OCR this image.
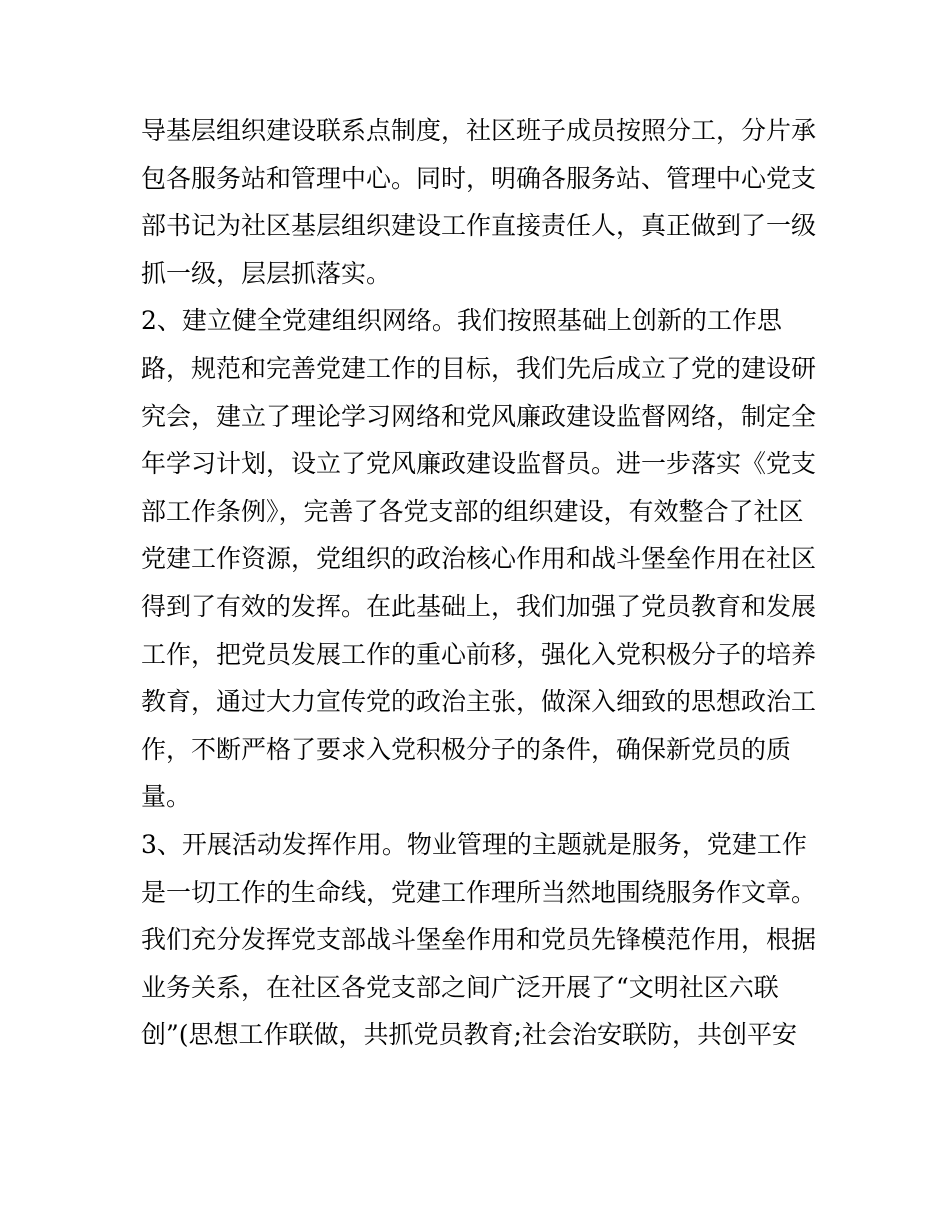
导基层组织建设联系点制度，社区班子成员按照分工，分片承
包各服务站和管理中心。同时，明确各服务站、管理中心党支
部书记为社区基层组织建设工作直接责任人，真正做到了一级
抓一级，层层抓落实。
2、建立健全党建组织网络。我们按照基础上创新的工作思
路，规范和完善党建工作的目标，我们先后成立了党的建设研
究会，建立了理论学习网络和党风廉政建设监督网络，制定全
年学习计划，设立了党风廉政建设监督员。进一步落实《党支
部工作条例》，完善了各党支部的组织建设，有效整合了社区
党建工作资源，党组织的政治核心作用和战斗堡垒作用在社区
得到了有效的发挥。在此基础上，我们加强了党员教育和发展
工作，把党员发展工作的重心前移，强化入党积极分子的培养
教育，通过大力宣传党的政治主张，做深入细致的思想政治工
作，不断严格了要求入党积极分子的条件，确保新党员的质
量。
3、开展活动发挥作用。物业管理的主题就是服务，党建工作
是一切工作的生命线，党建工作理所当然地围绕服务作文章。
我们充分发挥党支部战斗堡垒作用和党员先锋模范作用，根据
业务关系，在社区各党支部之间广泛开展了“文明社区六联
创”(思想工作联做，共抓党员教育;社会治安联防，共创平安
